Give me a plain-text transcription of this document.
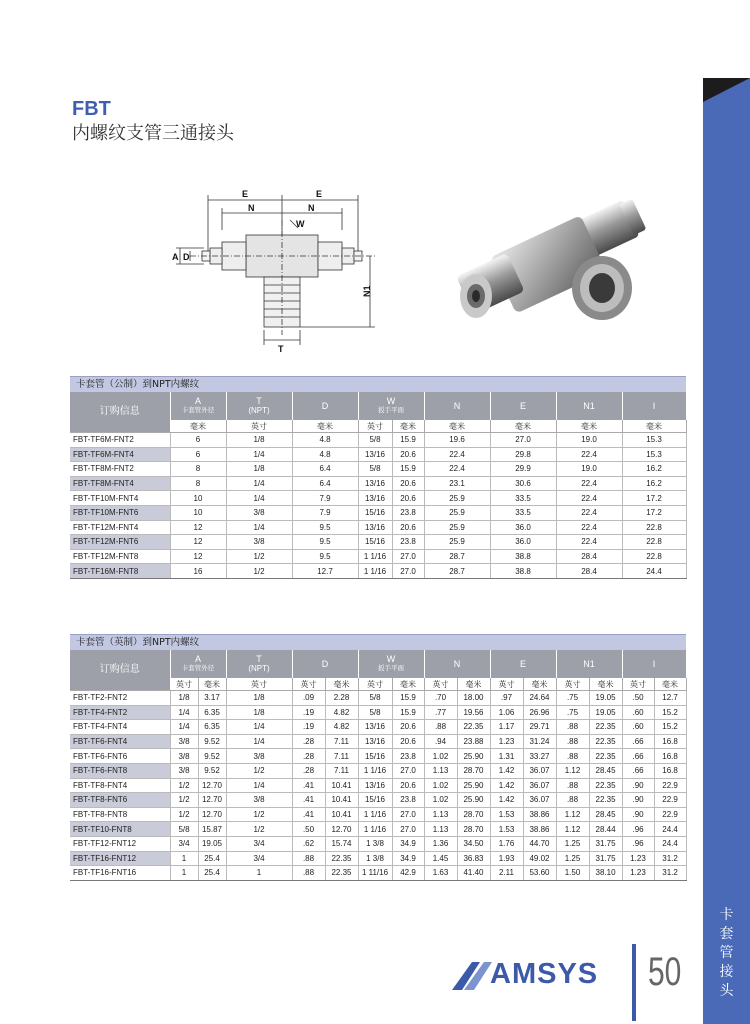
卡
套
管
接
头
FBT
内螺纹支管三通接头
E	E
N	N
W
A D
N1
T
卡套管（公制）到NPT内螺纹
订购信息	A
卡套管外径	T
(NPT)	D	W
扳手平面		N	E	N1	I
	毫米	英寸	毫米	英寸	毫米	毫米	毫米	毫米	毫米
FBT-TF6M-FNT2	6	1/8	4.8	5/8	15.9	19.6	27.0	19.0	15.3
FBT-TF6M-FNT4	6	1/4	4.8	13/16	20.6	22.4	29.8	22.4	15.3
FBT-TF8M-FNT2	8	1/8	6.4	5/8	15.9	22.4	29.9	19.0	16.2
FBT-TF8M-FNT4	8	1/4	6.4	13/16	20.6	23.1	30.6	22.4	16.2
FBT-TF10M-FNT4	10	1/4	7.9	13/16	20.6	25.9	33.5	22.4	17.2
FBT-TF10M-FNT6	10	3/8	7.9	15/16	23.8	25.9	33.5	22.4	17.2
FBT-TF12M-FNT4	12	1/4	9.5	13/16	20.6	25.9	36.0	22.4	22.8
FBT-TF12M-FNT6	12	3/8	9.5	15/16	23.8	25.9	36.0	22.4	22.8
FBT-TF12M-FNT8	12	1/2	9.5	1 1/16	27.0	28.7	38.8	28.4	22.8
FBT-TF16M-FNT8	16	1/2	12.7	1 1/16	27.0	28.7	38.8	28.4	24.4
卡套管（英制）到NPT内螺纹
订购信息	A
卡套管外径		T
(NPT)	D		W
扳手平面		N		E		N1		I	
	英寸	毫米	英寸	英寸	毫米	英寸	毫米	英寸	毫米	英寸	毫米	英寸	毫米	英寸	毫米
FBT-TF2-FNT2	1/8	3.17	1/8	.09	2.28	5/8	15.9	.70	18.00	.97	24.64	.75	19.05	.50	12.7
FBT-TF4-FNT2	1/4	6.35	1/8	.19	4.82	5/8	15.9	.77	19.56	1.06	26.96	.75	19.05	.60	15.2
FBT-TF4-FNT4	1/4	6.35	1/4	.19	4.82	13/16	20.6	.88	22.35	1.17	29.71	.88	22.35	.60	15.2
FBT-TF6-FNT4	3/8	9.52	1/4	.28	7.11	13/16	20.6	.94	23.88	1.23	31.24	.88	22.35	.66	16.8
FBT-TF6-FNT6	3/8	9.52	3/8	.28	7.11	15/16	23.8	1.02	25.90	1.31	33.27	.88	22.35	.66	16.8
FBT-TF6-FNT8	3/8	9.52	1/2	.28	7.11	1 1/16	27.0	1.13	28.70	1.42	36.07	1.12	28.45	.66	16.8
FBT-TF8-FNT4	1/2	12.70	1/4	.41	10.41	13/16	20.6	1.02	25.90	1.42	36.07	.88	22.35	.90	22.9
FBT-TF8-FNT6	1/2	12.70	3/8	.41	10.41	15/16	23.8	1.02	25.90	1.42	36.07	.88	22.35	.90	22.9
FBT-TF8-FNT8	1/2	12.70	1/2	.41	10.41	1 1/16	27.0	1.13	28.70	1.53	38.86	1.12	28.45	.90	22.9
FBT-TF10-FNT8	5/8	15.87	1/2	.50	12.70	1 1/16	27.0	1.13	28.70	1.53	38.86	1.12	28.44	.96	24.4
FBT-TF12-FNT12	3/4	19.05	3/4	.62	15.74	1 3/8	34.9	1.36	34.50	1.76	44.70	1.25	31.75	.96	24.4
FBT-TF16-FNT12	1	25.4	3/4	.88	22.35	1 3/8	34.9	1.45	36.83	1.93	49.02	1.25	31.75	1.23	31.2
FBT-TF16-FNT16	1	25.4	1	.88	22.35	1 11/16	42.9	1.63	41.40	2.11	53.60	1.50	38.10	1.23	31.2
AMSYS 50
